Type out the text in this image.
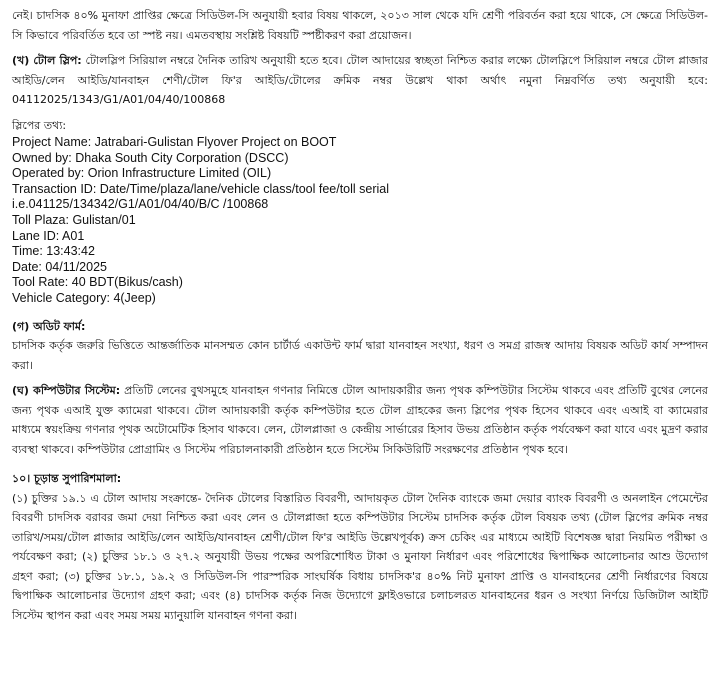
নেই। চাদসিক ৪০% মুনাফা প্রাপ্তির ক্ষেত্রে সিডিউল-সি অনুযায়ী হবার বিষয় থাকলে, ২০১৩ সাল থেকে যদি শ্রেণী পরিবর্তন করা হয়ে থাকে, সে ক্ষেত্রে সিডিউল-সি কিভাবে পরিবর্তিত হবে তা স্পষ্ট নয়। এমতবস্থায় সংশ্লিষ্ট বিষয়টি স্পষ্টীকরণ করা প্রয়োজন।

(খ) টোল স্লিপ: টোলস্লিপ সিরিয়াল নম্বরে দৈনিক তারিখ অনুযায়ী হতে হবে। টোল আদায়ের স্বচ্ছতা নিশ্চিত করার লক্ষ্যে টোলস্লিপে সিরিয়াল নম্বরে টোল প্লাজার আইডি/লেন আইডি/যানবাহন শেণী/টোল ফি'র আইডি/টোলের ক্রমিক নম্বর উল্লেখ থাকা অর্থাৎ নমুনা নিম্নবর্ণিত তথ্য অনুযায়ী হবে: 04112025/1343/G1/A01/04/40/100868

স্লিপের তথ্য:

Project Name: Jatrabari-Gulistan Flyover Project on BOOT
Owned by: Dhaka South City Corporation (DSCC)
Operated by: Orion Infrastructure Limited (OIL)
Transaction ID: Date/Time/plaza/lane/vehicle class/tool fee/toll serial
i.e.041125/134342/G1/A01/04/40/B/C /100868
Toll Plaza: Gulistan/01
Lane ID: A01
Time: 13:43:42
Date: 04/11/2025
Tool Rate: 40 BDT(Bikus/cash)
Vehicle Category: 4(Jeep)

(গ) অডিট ফার্ম:

চাদসিক কর্তৃক জরুরি ভিত্তিতে আন্তর্জাতিক মানসম্মত কোন চার্টার্ড একাউন্ট ফার্ম দ্বারা যানবাহন সংখ্যা, ধরণ ও সমগ্র রাজস্ব আদায় বিষয়ক অডিট কার্য সম্পাদন করা।

(ঘ) কম্পিউটার সিস্টেম: প্রতিটি লেনের বুথসমুহে যানবাহন গণনার নিমিত্তে টোল আদায়কারীর জন্য পৃথক কম্পিউটার সিস্টেম থাকবে এবং প্রতিটি বুথের লেনের জন্য পৃথক এআই যুক্ত ক্যামেরা থাকবে। টোল আদায়কারী কর্তৃক কম্পিউটার হতে টোল গ্রাহকের জন্য স্লিপের পৃথক হিসেব থাকবে এবং এআই বা ক্যামেরার মাধ্যমে স্বয়ংক্রিয় গণনার পৃথক অটোমেটিক হিসাব থাকবে। লেন, টোলপ্লাজা ও কেন্দ্রীয় সার্ভারের হিসাব উভয় প্রতিষ্ঠান কর্তৃক পর্যবেক্ষণ করা যাবে এবং মুদ্রণ করার ব্যবস্থা থাকবে। কম্পিউটার প্রোগ্রামিং ও সিস্টেম পরিচালনাকারী প্রতিষ্ঠান হতে সিস্টেম সিকিউরিটি সংরক্ষণের প্রতিষ্ঠান পৃথক হবে।

১০। চূড়ান্ত সুপারিশমালা:

(১) চুক্তির ১৯.১ এ টোল আদায় সংক্রান্তে- দৈনিক টোলের বিস্তারিত বিবরণী, আদায়কৃত টোল দৈনিক ব্যাংকে জমা দেয়ার ব্যাংক বিবরণী ও অনলাইন পেমেন্টের বিবরণী চাদসিক বরাবর জমা দেয়া নিশ্চিত করা এবং লেন ও টোলপ্লাজা হতে কম্পিউটার সিস্টেম চাদসিক কর্তৃক টোল বিষয়ক তথ্য (টোল স্লিপের ক্রমিক নম্বর তারিখ/সময়/টোল প্লাজার আইডি/লেন আইডি/যানবাহন শ্রেণী/টোল ফি'র আইডি উল্লেখপূর্বক) ক্রস চেকিং এর মাধ্যমে আইটি বিশেষজ্ঞ দ্বারা নিয়মিত পরীক্ষা ও পর্যবেক্ষণ করা; (২) চুক্তির ১৮.১ ও ২৭.২ অনুযায়ী উভয় পক্ষের অপরিশোধিত টাকা ও মুনাফা নির্ধারণ এবং পরিশোধের দ্বিপাক্ষিক আলোচনার আশু উদ্যোগ গ্রহণ করা; (৩) চুক্তির ১৮.১, ১৯.২ ও সিডিউল-সি পারস্পরিক সাংঘর্ষিক বিধায় চাদসিক'র ৪০% নিট মুনাফা প্রাপ্তি ও যানবাহনের শ্রেণী নির্ধারণের বিষয়ে দ্বিপাক্ষিক আলোচনার উদ্যোগ গ্রহণ করা; এবং (৪) চাদসিক কর্তৃক নিজ উদ্যোগে ফ্লাইওভারে চলাচলরত যানবাহনের ধরন ও সংখ্যা নির্ণয়ে ডিজিটাল আইটি সিস্টেম স্থাপন করা এবং সময় সময় ম্যানুয়ালি যানবাহন গণনা করা।
